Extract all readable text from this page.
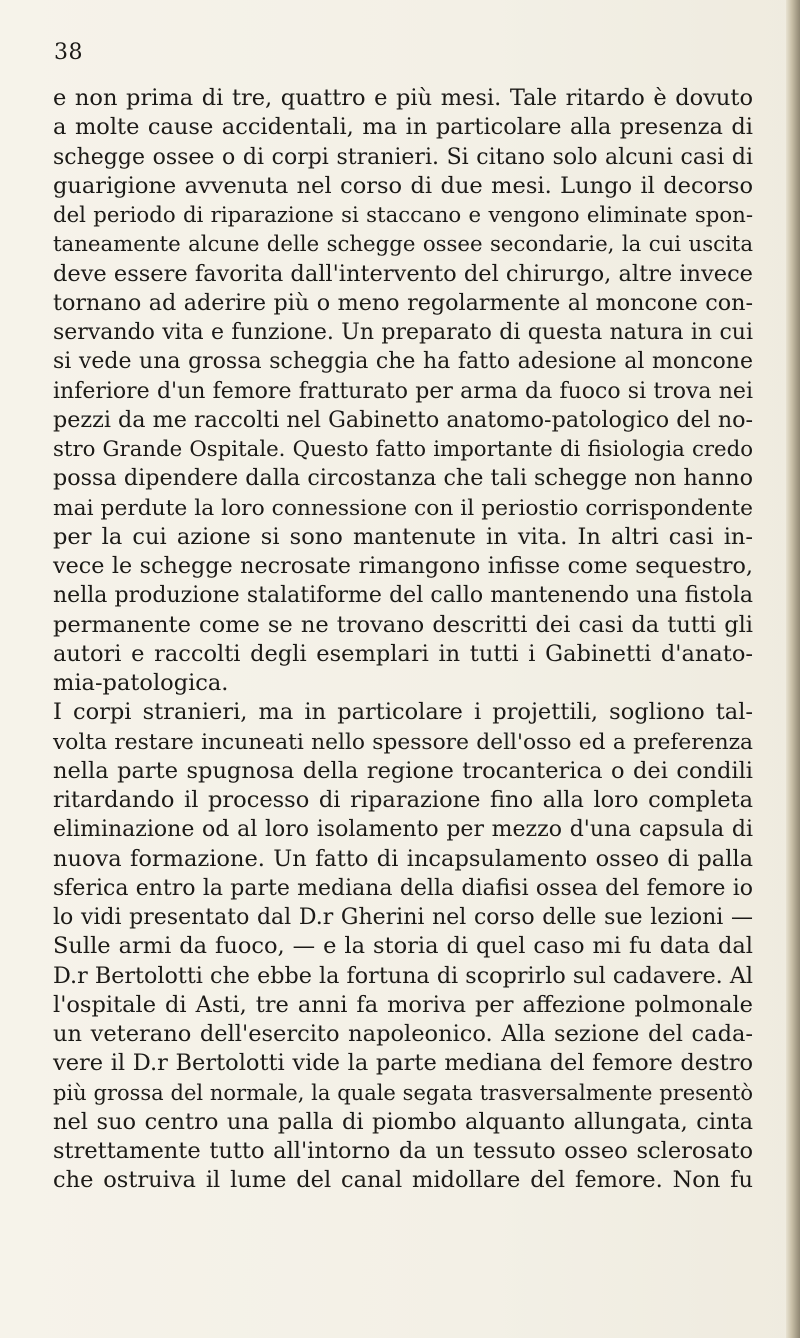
38
e non prima di tre, quattro e più mesi. Tale ritardo è dovuto
a molte cause accidentali, ma in particolare alla presenza di
schegge ossee o di corpi stranieri. Si citano solo alcuni casi di
guarigione avvenuta nel corso di due mesi. Lungo il decorso
del periodo di riparazione si staccano e vengono eliminate spon-
taneamente alcune delle schegge ossee secondarie, la cui uscita
deve essere favorita dall'intervento del chirurgo, altre invece
tornano ad aderire più o meno regolarmente al moncone con-
servando vita e funzione. Un preparato di questa natura in cui
si vede una grossa scheggia che ha fatto adesione al moncone
inferiore d'un femore fratturato per arma da fuoco si trova nei
pezzi da me raccolti nel Gabinetto anatomo-patologico del no-
stro Grande Ospitale. Questo fatto importante di fisiologia credo
possa dipendere dalla circostanza che tali schegge non hanno
mai perdute la loro connessione con il periostio corrispondente
per la cui azione si sono mantenute in vita. In altri casi in-
vece le schegge necrosate rimangono infisse come sequestro,
nella produzione stalatiforme del callo mantenendo una fistola
permanente come se ne trovano descritti dei casi da tutti gli
autori e raccolti degli esemplari in tutti i Gabinetti d'anato-
mia-patologica.
I corpi stranieri, ma in particolare i projettili, sogliono tal-
volta restare incuneati nello spessore dell'osso ed a preferenza
nella parte spugnosa della regione trocanterica o dei condili
ritardando il processo di riparazione fino alla loro completa
eliminazione od al loro isolamento per mezzo d'una capsula di
nuova formazione. Un fatto di incapsulamento osseo di palla
sferica entro la parte mediana della diafisi ossea del femore io
lo vidi presentato dal D.r Gherini nel corso delle sue lezioni —
Sulle armi da fuoco, — e la storia di quel caso mi fu data dal
D.r Bertolotti che ebbe la fortuna di scoprirlo sul cadavere. Al
l'ospitale di Asti, tre anni fa moriva per affezione polmonale
un veterano dell'esercito napoleonico. Alla sezione del cada-
vere il D.r Bertolotti vide la parte mediana del femore destro
più grossa del normale, la quale segata trasversalmente presentò
nel suo centro una palla di piombo alquanto allungata, cinta
strettamente tutto all'intorno da un tessuto osseo sclerosato
che ostruiva il lume del canal midollare del femore. Non fu
